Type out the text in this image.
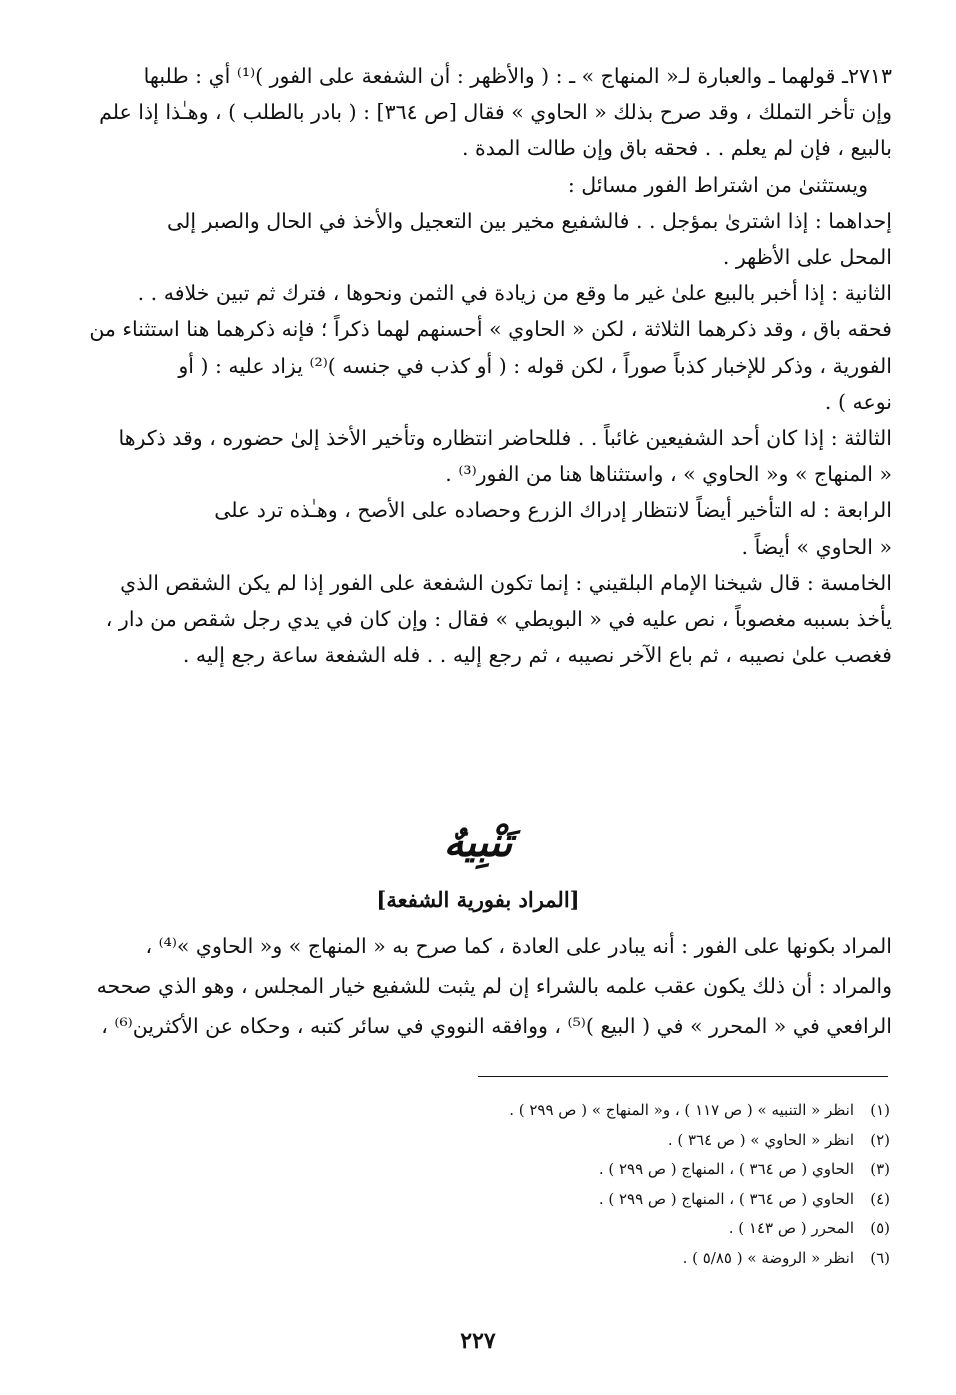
٢٧١٣ـ قولهما ـ والعبارة لـ« المنهاج » ـ : ( والأظهر : أن الشفعة على الفور )⁽¹⁾ أي : طلبها
وإن تأخر التملك ، وقد صرح بذلك « الحاوي » فقال [ص ٣٦٤] : ( بادر بالطلب ) ، وهـٰذا إذا علم
بالبيع ، فإن لم يعلم . . فحقه باق وإن طالت المدة .
ويستثنىٰ من اشتراط الفور مسائل :
إحداهما : إذا اشترىٰ بمؤجل . . فالشفيع مخير بين التعجيل والأخذ في الحال والصبر إلى
المحل على الأظهر .
الثانية : إذا أخبر بالبيع علىٰ غير ما وقع من زيادة في الثمن ونحوها ، فترك ثم تبين خلافه . .
فحقه باق ، وقد ذكرهما الثلاثة ، لكن « الحاوي » أحسنهم لهما ذكراً ؛ فإنه ذكرهما هنا استثناء من
الفورية ، وذكر للإخبار كذباً صوراً ، لكن قوله : ( أو كذب في جنسه )⁽²⁾ يزاد عليه : ( أو
نوعه ) .
الثالثة : إذا كان أحد الشفيعين غائباً . . فللحاضر انتظاره وتأخير الأخذ إلىٰ حضوره ، وقد ذكرها
« المنهاج » و« الحاوي » ، واستثناها هنا من الفور⁽³⁾ .
الرابعة : له التأخير أيضاً لانتظار إدراك الزرع وحصاده على الأصح ، وهـٰذه ترد على
« الحاوي » أيضاً .
الخامسة : قال شيخنا الإمام البلقيني : إنما تكون الشفعة على الفور إذا لم يكن الشقص الذي
يأخذ بسببه مغصوباً ، نص عليه في « البويطي » فقال : وإن كان في يدي رجل شقص من دار ،
فغصب علىٰ نصيبه ، ثم باع الآخر نصيبه ، ثم رجع إليه . . فله الشفعة ساعة رجع إليه .
تَنْبِيهٌ
[المراد بفورية الشفعة]
المراد بكونها على الفور : أنه يبادر على العادة ، كما صرح به « المنهاج » و« الحاوي »⁽⁴⁾ ،
والمراد : أن ذلك يكون عقب علمه بالشراء إن لم يثبت للشفيع خيار المجلس ، وهو الذي صححه
الرافعي في « المحرر » في ( البيع )⁽⁵⁾ ، ووافقه النووي في سائر كتبه ، وحكاه عن الأكثرين⁽⁶⁾ ،
(١)انظر « التنبيه » ( ص ١١٧ ) ، و« المنهاج » ( ص ٢٩٩ ) .
(٢)انظر « الحاوي » ( ص ٣٦٤ ) .
(٣)الحاوي ( ص ٣٦٤ ) ، المنهاج ( ص ٢٩٩ ) .
(٤)الحاوي ( ص ٣٦٤ ) ، المنهاج ( ص ٢٩٩ ) .
(٥)المحرر ( ص ١٤٣ ) .
(٦)انظر « الروضة » ( ٥/٨٥ ) .
٢٢٧
